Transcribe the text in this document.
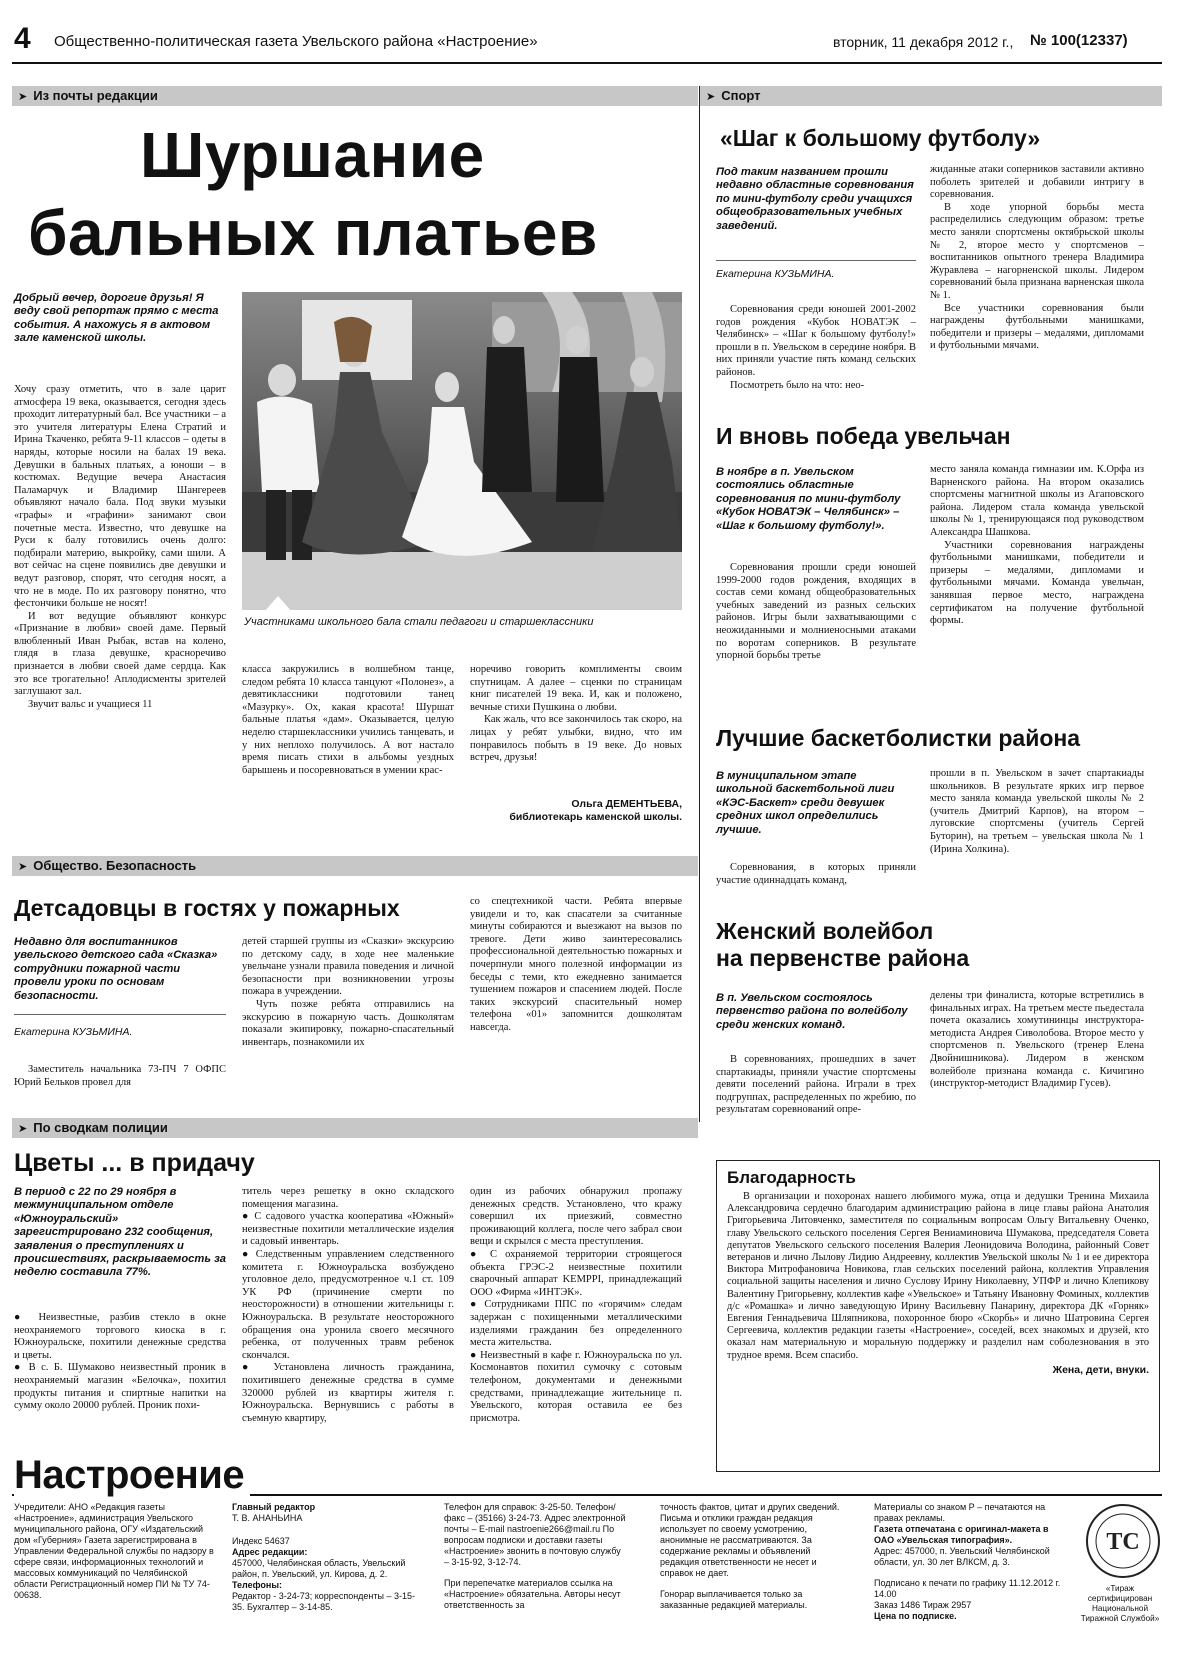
4 Общественно-политическая газета Увельского района «Настроение»	вторник, 11 декабря 2012 г., № 100(12337)
➤ Из почты редакции	➤ Спорт
Шуршание
бальных платьев
Добрый вечер, дорогие друзья! Я веду свой репортаж прямо с места события. А нахожусь я в актовом зале каменской школы.
Участниками школьного бала стали педагоги и старшеклассники

Хочу сразу отметить, что в зале царит атмосфера 19 века, оказывается, сегодня здесь проходит литературный бал. Все участники – а это учителя литературы Елена Стратий и Ирина Ткаченко, ребята 9-11 классов – одеты в наряды, которые носили на балах 19 века. Девушки в бальных платьях, а юноши – в костюмах. Ведущие вечера Анастасия Паламарчук и Владимир Шангереев объявляют начало бала. Под звуки музыки «графы» и «графини» занимают свои почетные места. Известно, что девушке на Руси к балу готовились очень долго: подбирали материю, выкройку, сами шили. А вот сейчас на сцене появились две девушки и ведут разговор, спорят, что сегодня носят, а что не в моде. По их разговору понятно, что фестончики больше не носят!

И вот ведущие объявляют конкурс «Признание в любви» своей даме. Первый влюбленный Иван Рыбак, встав на колено, глядя в глаза девушке, красноречиво признается в любви своей даме сердца. Как это все трогательно! Аплодисменты зрителей заглушают зал.

Звучит вальс и учащиеся 11

класса закружились в волшебном танце, следом ребята 10 класса танцуют «Полонез», а девятиклассники подготовили танец «Мазурку». Ох, какая красота! Шуршат бальные платья «дам». Оказывается, целую неделю старшеклассники учились танцевать, и у них неплохо получилось. А вот настало время писать стихи в альбомы уездных барышень и посоревноваться в умении крас-

норечиво говорить комплименты своим спутницам. А далее – сценки по страницам книг писателей 19 века. И, как и положено, вечные стихи Пушкина о любви.

Как жаль, что все закончилось так скоро, на лицах у ребят улыбки, видно, что им понравилось побыть в 19 веке. До новых встреч, друзья!

Ольга ДЕМЕНТЬЕВА,
библиотекарь каменской школы.
➤ Общество. Безопасность
Детсадовцы в гостях у пожарных
Недавно для воспитанников увельского детского сада «Сказка» сотрудники пожарной части провели уроки по основам безопасности.
Екатерина КУЗЬМИНА.

Заместитель начальника 73-ПЧ 7 ОФПС Юрий Бельков провел для

детей старшей группы из «Сказки» экскурсию по детскому саду, в ходе нее маленькие увельчане узнали правила поведения и личной безопасности при возникновении угрозы пожара в учреждении.

Чуть позже ребята отправились на экскурсию в пожарную часть. Дошколятам показали экипировку, пожарно-спасательный инвентарь, познакомили их

со спецтехникой части. Ребята впервые увидели и то, как спасатели за считанные минуты собираются и выезжают на вызов по тревоге. Дети живо заинтересовались профессиональной деятельностью пожарных и почерпнули много полезной информации из беседы с теми, кто ежедневно занимается тушением пожаров и спасением людей. После таких экскурсий спасительный номер телефона «01» запомнится дошколятам навсегда.

➤ По сводкам полиции
Цветы ... в придачу
В период с 22 по 29 ноября в межмуниципальном отделе «Южноуральский» зарегистрировано 232 сообщения, заявления о преступлениях и происшествиях, раскрываемость за неделю составила 77%.

● Неизвестные, разбив стекло в окне неохраняемого торгового киоска в г. Южноуральске, похитили денежные средства и цветы.

● В с. Б. Шумаково неизвестный проник в неохраняемый магазин «Белочка», похитил продукты питания и спиртные напитки на сумму около 20000 рублей. Проник похи-

титель через решетку в окно складского помещения магазина.

● С садового участка кооператива «Южный» неизвестные похитили металлические изделия и садовый инвентарь.

● Следственным управлением следственного комитета г. Южноуральска возбуждено уголовное дело, предусмотренное ч.1 ст. 109 УК РФ (причинение смерти по неосторожности) в отношении жительницы г. Южноуральска. В результате неосторожного обращения она уронила своего месячного ребенка, от полученных травм ребенок скончался.

● Установлена личность гражданина, похитившего денежные средства в сумме 320000 рублей из квартиры жителя г. Южноуральска. Вернувшись с работы в съемную квартиру,

один из рабочих обнаружил пропажу денежных средств. Установлено, что кражу совершил их приезжий, совместно проживающий коллега, после чего забрал свои вещи и скрылся с места преступления.

● С охраняемой территории строящегося объекта ГРЭС-2 неизвестные похитили сварочный аппарат KEMPPI, принадлежащий ООО «Фирма «ИНТЭК».

● Сотрудниками ППС по «горячим» следам задержан с похищенными металлическими изделиями гражданин без определенного места жительства.

● Неизвестный в кафе г. Южноуральска по ул. Космонавтов похитил сумочку с сотовым телефоном, документами и денежными средствами, принадлежащие жительнице п. Увельского, которая оставила ее без присмотра.

«Шаг к большому футболу»
Под таким названием прошли недавно областные соревнования по мини-футболу среди учащихся общеобразовательных учебных заведений.
Екатерина КУЗЬМИНА.

Соревнования среди юношей 2001-2002 годов рождения «Кубок НОВАТЭК – Челябинск» – «Шаг к большому футболу!» прошли в п. Увельском в середине ноября. В них приняли участие пять команд сельских районов.

Посмотреть было на что: нео-

жиданные атаки соперников заставили активно поболеть зрителей и добавили интригу в соревнования.

В ходе упорной борьбы места распределились следующим образом: третье место заняли спортсмены октябрьской школы № 2, второе место у спортсменов – воспитанников опытного тренера Владимира Журавлева – нагорненской школы. Лидером соревнований была признана варненская школа № 1.

Все участники соревнования были награждены футбольными манишками, победители и призеры – медалями, дипломами и футбольными мячами.

И вновь победа увельчан
В ноябре в п. Увельском состоялись областные соревнования по мини-футболу «Кубок НОВАТЭК – Челябинск» – «Шаг к большому футболу!».

Соревнования прошли среди юношей 1999-2000 годов рождения, входящих в состав семи команд общеобразовательных учебных заведений из разных сельских районов. Игры были захватывающими с неожиданными и молниеносными атаками по воротам соперников. В результате упорной борьбы третье

место заняла команда гимназии им. К.Орфа из Варненского района. На втором оказались спортсмены магнитной школы из Агаповского района. Лидером стала команда увельской школы № 1, тренирующаяся под руководством Александра Шашкова.

Участники соревнования награждены футбольными манишками, победители и призеры – медалями, дипломами и футбольными мячами. Команда увельчан, занявшая первое место, награждена сертификатом на получение футбольной формы.

Лучшие баскетболистки района
В муниципальном этапе школьной баскетбольной лиги «КЭС-Баскет» среди девушек средних школ определились лучшие.

Соревнования, в которых приняли участие одиннадцать команд,

прошли в п. Увельском в зачет спартакиады школьников. В результате ярких игр первое место заняла команда увельской школы № 2 (учитель Дмитрий Карпов), на втором – луговские спортсмены (учитель Сергей Буторин), на третьем – увельская школа № 1 (Ирина Холкина).

Женский волейбол
на первенстве района
В п. Увельском состоялось первенство района по волейболу среди женских команд.

В соревнованиях, прошедших в зачет спартакиады, приняли участие спортсмены девяти поселений района. Играли в трех подгруппах, распределенных по жребию, по результатам соревнований опре-

делены три финалиста, которые встретились в финальных играх. На третьем месте пьедестала почета оказались хомутининцы инструктора-методиста Андрея Сиволобова. Второе место у спортсменов п. Увельского (тренер Елена Двойнишникова). Лидером в женском волейболе признана команда с. Кичигино (инструктор-методист Владимир Гусев).

Благодарность
В организации и похоронах нашего любимого мужа, отца и дедушки Тренина Михаила Александровича сердечно благодарим администрацию района в лице главы района Анатолия Григорьевича Литовченко, заместителя по социальным вопросам Ольгу Витальевну Оченко, главу Увельского сельского поселения Сергея Вениаминовича Шумакова, председателя Совета депутатов Увельского сельского поселения Валерия Леонидовича Володина, районный Совет ветеранов и лично Лылову Лидию Андреевну, коллектив Увельской школы № 1 и ее директора Виктора Митрофановича Новикова, глав сельских поселений района, коллектив Управления социальной защиты населения и лично Суслову Ирину Николаевну, УПФР и лично Клепикову Валентину Григорьевну, коллектив кафе «Увельское» и Татьяну Ивановну Фоминых, коллектив д/с «Ромашка» и лично заведующую Ирину Васильевну Панарину, директора ДК «Горняк» Евгения Геннадьевича Шляпникова, похоронное бюро «Скорбь» и лично Шатровина Сергея Сергеевича, коллектив редакции газеты «Настроение», соседей, всех знакомых и друзей, кто оказал нам материальную и моральную поддержку и разделил нам соболезнования в это трудное время. Всем спасибо.
Жена, дети, внуки.
Настроение
Учредители: АНО «Редакция газеты «Настроение», администрация Увельского муниципального района, ОГУ «Издательский дом «Губерния» Газета зарегистрирована в Управлении Федеральной службы по надзору в сфере связи, информационных технологий и массовых коммуникаций по Челябинской области Регистрационный номер ПИ № ТУ 74-00638.
Главный редактор
Т. В. АНАНЬИНА
Индекс 54637
Адрес редакции:
457000, Челябинская область, Увельский район, п. Увельский, ул. Кирова, д. 2.
Телефоны:
Редактор - 3-24-73; корреспонденты – 3-15-35. Бухгалтер – 3-14-85.
Телефон для справок: 3-25-50. Телефон/факс – (35166) 3-24-73. Адрес электронной почты – E-mail nastroenie266@mail.ru По вопросам подписки и доставки газеты «Настроение» звонить в почтовую службу – 3-15-92, 3-12-74.
При перепечатке материалов ссылка на «Настроение» обязательна. Авторы несут ответственность за
точность фактов, цитат и других сведений. Письма и отклики граждан редакция использует по своему усмотрению, анонимные не рассматриваются. За содержание рекламы и объявлений редакция ответственности не несет и справок не дает.
Гонорар выплачивается только за заказанные редакцией материалы.
Материалы со знаком Р – печатаются на правах рекламы.
Газета отпечатана с оригинал-макета в ОАО «Увельская типография».
Адрес: 457000, п. Увельский Челябинской области, ул. 30 лет ВЛКСМ, д. 3.
Подписано к печати по графику 11.12.2012 г. 14.00
Заказ 1486 Тираж 2957
Цена по подписке.
ТС
«Тираж сертифицирован Национальной Тиражной Службой»
